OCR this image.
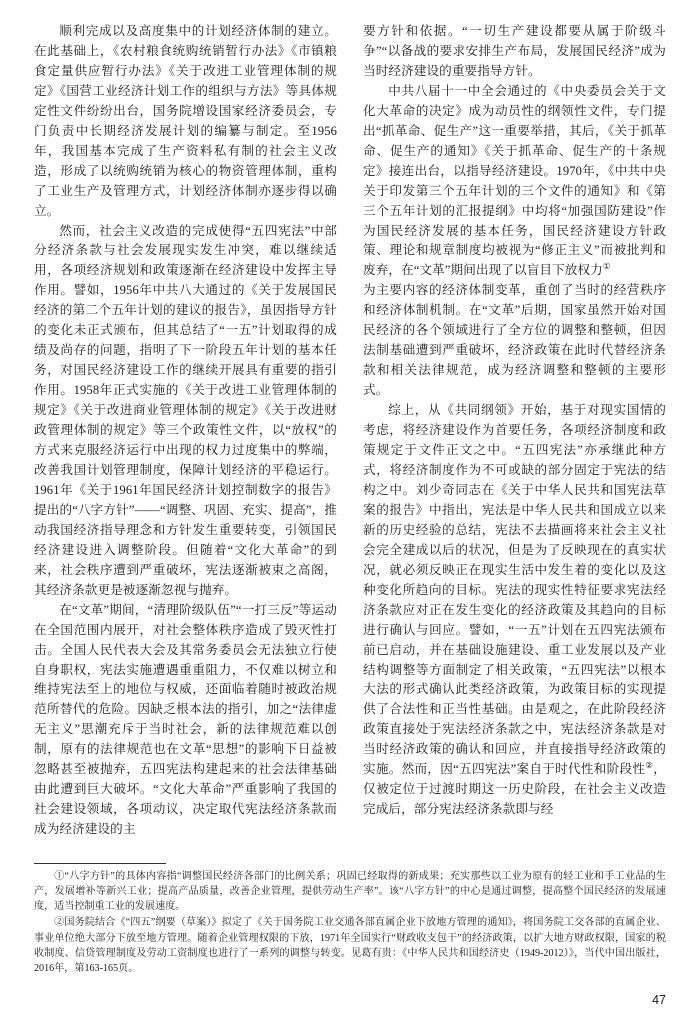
顺利完成以及高度集中的计划经济体制的建立。在此基础上，《农村粮食统购统销暂行办法》《市镇粮食定量供应暂行办法》《关于改进工业管理体制的规定》《国营工业经济计划工作的组织与方法》等具体规定性文件纷纷出台，国务院增设国家经济委员会，专门负责中长期经济发展计划的编纂与制定。至1956年，我国基本完成了生产资料私有制的社会主义改造，形成了以统购统销为核心的物资管理体制，重构了工业生产及管理方式，计划经济体制亦逐步得以确立。

然而，社会主义改造的完成使得“五四宪法”中部分经济条款与社会发展现实发生冲突，难以继续适用，各项经济规划和政策逐渐在经济建设中发挥主导作用。譬如，1956年中共八大通过的《关于发展国民经济的第二个五年计划的建议的报告》，虽因指导方针的变化未正式颁布，但其总结了“一五”计划取得的成绩及尚存的问题，指明了下一阶段五年计划的基本任务，对国民经济建设工作的继续开展具有重要的指引作用。1958年正式实施的《关于改进工业管理体制的规定》《关于改进商业管理体制的规定》《关于改进财政管理体制的规定》等三个政策性文件，以“放权”的方式来克服经济运行中出现的权力过度集中的弊端，改善我国计划管理制度，保障计划经济的平稳运行。1961年《关于1961年国民经济计划控制数字的报告》提出的“八字方针”——“调整、巩固、充实、提高”，推动我国经济指导理念和方针发生重要转变，引领国民经济建设进入调整阶段。但随着“文化大革命”的到来，社会秩序遭到严重破坏，宪法逐渐被束之高阁，其经济条款更是被逐渐忽视与抛弃。

在“文革”期间，“清理阶级队伍”“一打三反”等运动在全国范围内展开，对社会整体秩序造成了毁灭性打击。全国人民代表大会及其常务委员会无法独立行使自身职权，宪法实施遭遇重重阻力，不仅难以树立和维持宪法至上的地位与权威，还面临着随时被政治规范所替代的危险。因缺乏根本法的指引，加之“法律虚无主义”思潮充斥于当时社会，新的法律规范难以创制，原有的法律规范也在文革“思想”的影响下日益被忽略甚至被抛弃，五四宪法构建起来的社会法律基础由此遭到巨大破坏。“文化大革命”严重影响了我国的社会建设领域，各项动议，决定取代宪法经济条款而成为经济建设的主

要方针和依据。“一切生产建设都要从属于阶级斗争”“以备战的要求安排生产布局，发展国民经济”成为当时经济建设的重要指导方针。

中共八届十一中全会通过的《中央委员会关于文化大革命的决定》成为动员性的纲领性文件，专门提出“抓革命、促生产”这一重要举措，其后，《关于抓革命、促生产的通知》《关于抓革命、促生产的十条规定》接连出台，以指导经济建设。1970年，《中共中央关于印发第三个五年计划的三个文件的通知》和《第三个五年计划的汇报提纲》中均将“加强国防建设”作为国民经济发展的基本任务，国民经济建设方针政策、理论和规章制度均被视为“修正主义”而被批判和废弃，在“文革”期间出现了以盲目下放权力①

为主要内容的经济体制变革，重创了当时的经营秩序和经济体制机制。在“文革”后期，国家虽然开始对国民经济的各个领域进行了全方位的调整和整顿，但因法制基础遭到严重破坏，经济政策在此时代替经济条款和相关法律规范，成为经济调整和整顿的主要形式。

综上，从《共同纲领》开始，基于对现实国情的考虑，将经济建设作为首要任务，各项经济制度和政策规定于文件正文之中。“五四宪法”亦承继此种方式，将经济制度作为不可或缺的部分固定于宪法的结构之中。刘少奇同志在《关于中华人民共和国宪法草案的报告》中指出，宪法是中华人民共和国成立以来新的历史经验的总结，宪法不去描画将来社会主义社会完全建成以后的状况，但是为了反映现在的真实状况，就必须反映正在现实生活中发生着的变化以及这种变化所趋向的目标。宪法的现实性特征要求宪法经济条款应对正在发生变化的经济政策及其趋向的目标进行确认与回应。譬如，“一五”计划在五四宪法颁布前已启动，并在基础设施建设、重工业发展以及产业结构调整等方面制定了相关政策，“五四宪法”以根本大法的形式确认此类经济政策，为政策目标的实现提供了合法性和正当性基础。由是观之，在此阶段经济政策直接处于宪法经济条款之中，宪法经济条款是对当时经济政策的确认和回应，并直接指导经济政策的实施。然而，因“五四宪法”案自于时代性和阶段性②，仅被定位于过渡时期这一历史阶段，在社会主义改造完成后，部分宪法经济条款即与经

①“八字方针”的具体内容指“调整国民经济各部门的比例关系；巩固已经取得的新成果；充实那些以工业为原有的轻工业和手工业品的生产，发展增补等新兴工业；提高产品质量，改善企业管理，提供劳动生产率”。该“八字方针”的中心是通过调整，提高整个国民经济的发展速度，适当控制重工业的发展速度。

②国务院结合《“四五”纲要（草案）》拟定了《关于国务院工业交通各部直属企业下放地方管理的通知》，将国务院工交各部的直属企业、事业单位绝大部分下放至地方管理。随着企业管理权限的下放，1971年全国实行“财政收支包干”的经济政策，以扩大地方财政权限，国家的税收制度、信贷管理制度及劳动工资制度也进行了一系列的调整与转变。见葛有贵：《中华人民共和国经济史（1949-2012）》，当代中国出版社，2016年，第163-165页。

47
